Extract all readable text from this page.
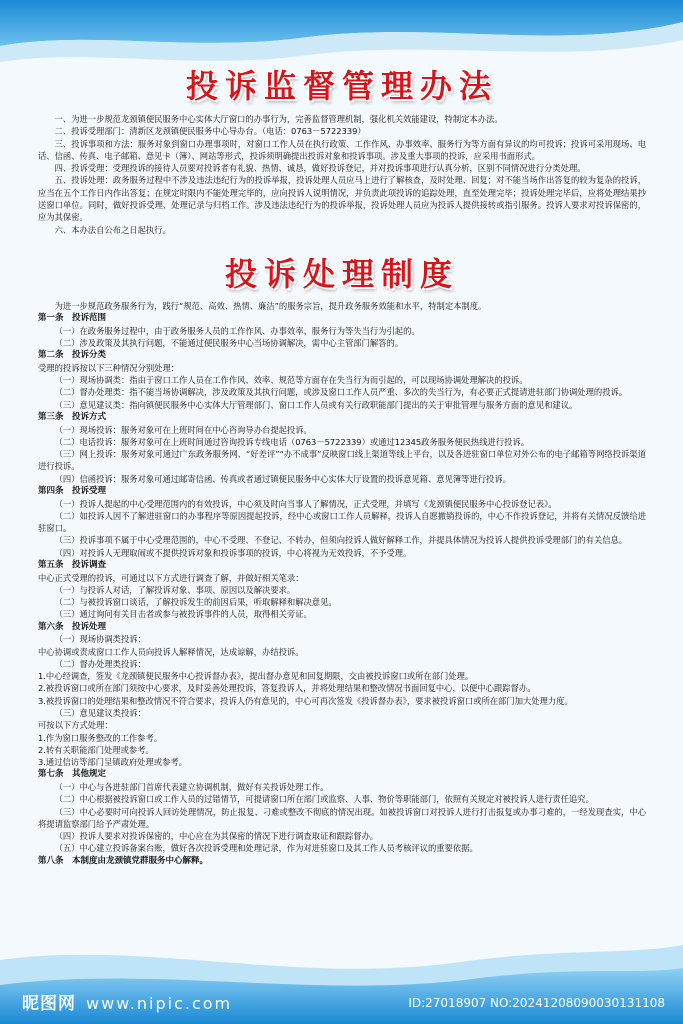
投诉监督管理办法

一、为进一步规范龙颈镇便民服务中心实体大厅窗口的办事行为，完善监督管理机制，强化机关效能建设，特制定本办法。

二、投诉受理部门：清新区龙颈镇便民服务中心导办台。（电话：0763－5722339）

三、投诉事项和方法：服务对象到窗口办理事项时，对窗口工作人员在执行政策、工作作风、办事效率、服务行为等方面有异议的均可投诉；投诉可采用现场、电话、信函、传真、电子邮箱、意见卡（簿）、网站等形式，投诉须明确提出投诉对象和投诉事项。涉及重大事项的投诉，应采用书面形式。

四、投诉受理：受理投诉的接待人员要对投诉者有礼貌、热情、诚恳，做好投诉登记，并对投诉事项进行认真分析，区别不同情况进行分类处理。

五、投诉处理：政务服务过程中不涉及违法违纪行为的投诉举报，投诉处理人员应马上进行了解核查，及时处理、回复；对不能当场作出答复的较为复杂的投诉，应当在五个工作日内作出答复；在规定时限内不能处理完毕的，应向投诉人说明情况，并负责此项投诉的追踪处理，直至处理完毕；投诉处理完毕后，应将处理结果抄送窗口单位。同时，做好投诉受理、处理记录与归档工作。涉及违法违纪行为的投诉举报，投诉处理人员应为投诉人提供接转或指引服务。投诉人要求对投诉保密的，应为其保密。

六、本办法自公布之日起执行。

投诉处理制度

为进一步规范政务服务行为，践行“规范、高效、热情、廉洁”的服务宗旨，提升政务服务效能和水平，特制定本制度。

第一条　投诉范围

（一）在政务服务过程中，由于政务服务人员的工作作风、办事效率、服务行为等失当行为引起的。

（二）涉及政策及其执行问题，不能通过便民服务中心当场协调解决，需中心主管部门解答的。

第二条　投诉分类

受理的投诉按以下三种情况分别处理：

（一）现场协调类：指由于窗口工作人员在工作作风、效率、规范等方面存在失当行为而引起的，可以现场协调处理解决的投诉。

（二）督办处理类：指不能当场协调解决，涉及政策及其执行问题，或涉及窗口工作人员严重、多次的失当行为，有必要正式提请进驻部门协调处理的投诉。

（三）意见建议类：指向镇便民服务中心实体大厅管理部门、窗口工作人员或有关行政职能部门提出的关于审批管理与服务方面的意见和建议。

第三条　投诉方式

（一）现场投诉：服务对象可在上班时间在中心咨询导办台提起投诉。

（二）电话投诉：服务对象可在上班时间通过咨询投诉专线电话（0763－5722339）或通过12345政务服务便民热线进行投诉。

（三）网上投诉：服务对象可通过广东政务服务网、“好差评”“办不成事”反映窗口线上渠道等线上平台，以及各进驻窗口单位对外公布的电子邮箱等网络投诉渠道进行投诉。

（四）信函投诉：服务对象可通过邮寄信函、传真或者通过镇便民服务中心实体大厅设置的投诉意见箱、意见簿等进行投诉。

第四条　投诉受理

（一）投诉人提起的中心受理范围内的有效投诉，中心须及时向当事人了解情况，正式受理，并填写《龙颈镇便民服务中心投诉登记表》。

（二）如投诉人因不了解进驻窗口的办事程序等原因提起投诉，经中心或窗口工作人员解释，投诉人自愿撤销投诉的，中心不作投诉登记，并将有关情况反馈给进驻窗口。

（三）投诉事项不属于中心受理范围的，中心不受理、不登记、不转办，但须向投诉人做好解释工作，并提具体情况为投诉人提供投诉受理部门的有关信息。

（四）对投诉人无理取闹或不提供投诉对象和投诉事项的投诉，中心将视为无效投诉，不予受理。

第五条　投诉调查

中心正式受理的投诉，可通过以下方式进行调查了解，并做好相关笔录：

（一）与投诉人对话，了解投诉对象、事项、原因以及解决要求。

（二）与被投诉窗口谈话，了解投诉发生的前因后果，听取解释和解决意见。

（三）通过询问有关目击者或参与被投诉事件的人员，取得相关旁证。

第六条　投诉处理

（一）现场协调类投诉：

中心协调或责成窗口工作人员向投诉人解释情况，达成谅解，办结投诉。

（二）督办处理类投诉：

1.中心经调查，签发《龙颈镇便民服务中心投诉督办表》，提出督办意见和回复期限，交由被投诉窗口或所在部门处理。

2.被投诉窗口或所在部门须按中心要求，及时妥善处理投诉，答复投诉人，并将处理结果和整改情况书面回复中心，以便中心跟踪督办。

3.被投诉窗口的处理结果和整改情况不符合要求，投诉人仍有意见的，中心可再次签发《投诉督办表》，要求被投诉窗口或所在部门加大处理力度。

（三）意见建议类投诉：

可按以下方式处理：

1.作为窗口服务整改的工作参考。

2.转有关职能部门处理或参考。

3.通过信访等部门呈镇政府处理或参考。

第七条　其他规定

（一）中心与各进驻部门首席代表建立协调机制，做好有关投诉处理工作。

（二）中心根据被投诉窗口或工作人员的过错情节，可提请窗口所在部门或监察、人事、物价等职能部门，依照有关规定对被投诉人进行责任追究。

（三）中心必要时可向投诉人回访处理情况，防止报复、刁难或整改不彻底的情况出现。如被投诉窗口对投诉人进行打击报复或办事刁难的，一经发现查实，中心将提请监察部门给予严肃处理。

（四）投诉人要求对投诉保密的，中心应在为其保密的情况下进行调查取证和跟踪督办。

（五）中心建立投诉备案台账，做好各次投诉受理和处理记录，作为对进驻窗口及其工作人员考核评议的重要依据。

第八条　本制度由龙颈镇党群服务中心解释。

昵图网 www.nipic.com	ID:27018907 NO:20241208090030131108
